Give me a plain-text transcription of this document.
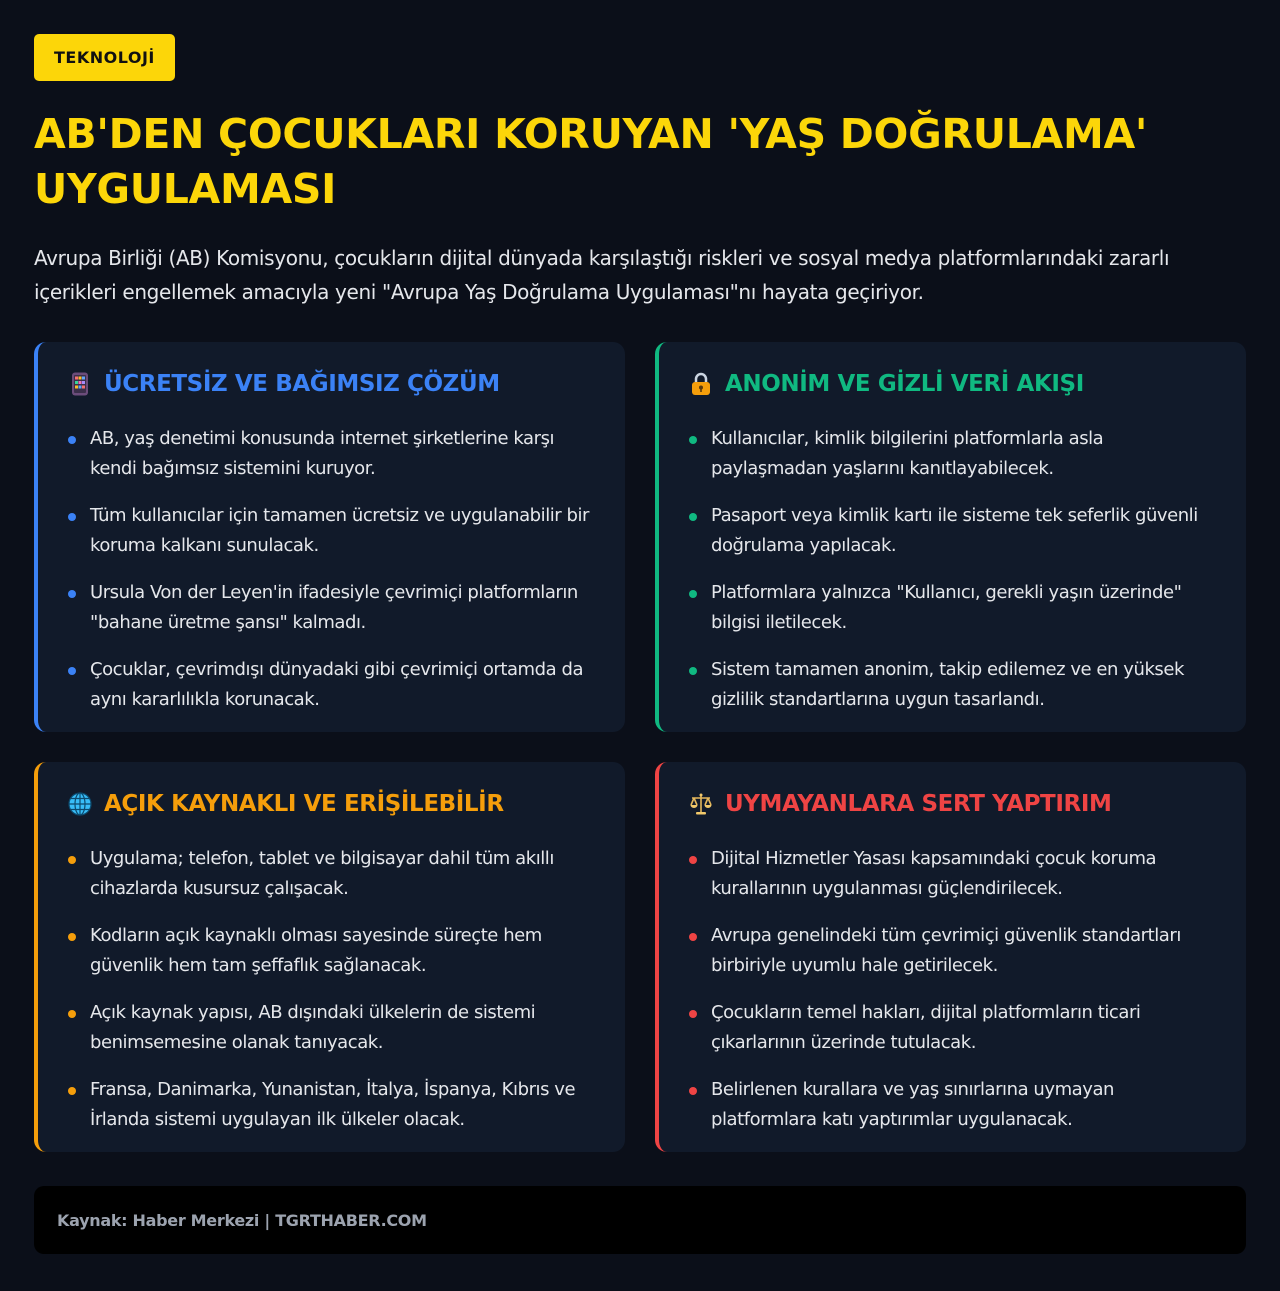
TEKNOLOJİ
AB'DEN ÇOCUKLARI KORUYAN 'YAŞ DOĞRULAMA' UYGULAMASI

Avrupa Birliği (AB) Komisyonu, çocukların dijital dünyada karşılaştığı riskleri ve sosyal medya platformlarındaki zararlı içerikleri engellemek amacıyla yeni "Avrupa Yaş Doğrulama Uygulaması"nı hayata geçiriyor.

ÜCRETSİZ VE BAĞIMSIZ ÇÖZÜM
AB, yaş denetimi konusunda internet şirketlerine karşı kendi bağımsız sistemini kuruyor.
Tüm kullanıcılar için tamamen ücretsiz ve uygulanabilir bir koruma kalkanı sunulacak.
Ursula Von der Leyen'in ifadesiyle çevrimiçi platformların "bahane üretme şansı" kalmadı.
Çocuklar, çevrimdışı dünyadaki gibi çevrimiçi ortamda da aynı kararlılıkla korunacak.
ANONİM VE GİZLİ VERİ AKIŞI
Kullanıcılar, kimlik bilgilerini platformlarla asla paylaşmadan yaşlarını kanıtlayabilecek.
Pasaport veya kimlik kartı ile sisteme tek seferlik güvenli doğrulama yapılacak.
Platformlara yalnızca "Kullanıcı, gerekli yaşın üzerinde" bilgisi iletilecek.
Sistem tamamen anonim, takip edilemez ve en yüksek gizlilik standartlarına uygun tasarlandı.
AÇIK KAYNAKLI VE ERİŞİLEBİLİR
Uygulama; telefon, tablet ve bilgisayar dahil tüm akıllı cihazlarda kusursuz çalışacak.
Kodların açık kaynaklı olması sayesinde süreçte hem güvenlik hem tam şeffaflık sağlanacak.
Açık kaynak yapısı, AB dışındaki ülkelerin de sistemi benimsemesine olanak tanıyacak.
Fransa, Danimarka, Yunanistan, İtalya, İspanya, Kıbrıs ve İrlanda sistemi uygulayan ilk ülkeler olacak.
UYMAYANLARA SERT YAPTIRIM
Dijital Hizmetler Yasası kapsamındaki çocuk koruma kurallarının uygulanması güçlendirilecek.
Avrupa genelindeki tüm çevrimiçi güvenlik standartları birbiriyle uyumlu hale getirilecek.
Çocukların temel hakları, dijital platformların ticari çıkarlarının üzerinde tutulacak.
Belirlenen kurallara ve yaş sınırlarına uymayan platformlara katı yaptırımlar uygulanacak.
Kaynak: Haber Merkezi | TGRTHABER.COM
